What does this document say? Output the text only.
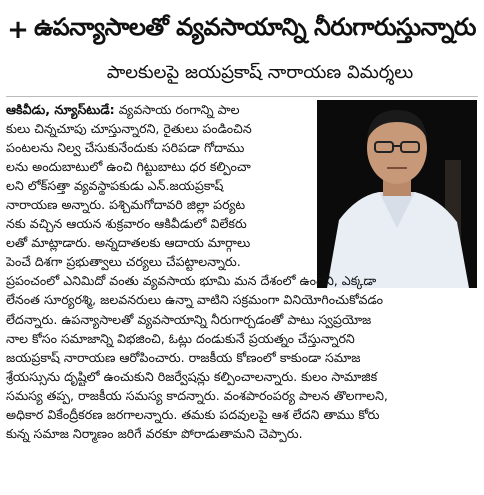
+ ఉపన్యాసాలతో వ్యవసాయాన్ని నీరుగారుస్తున్నారు
పాలకులపై జయప్రకాష్ నారాయణ విమర్శలు
ఆకివీడు, న్యూస్‌టుడే: వ్యవసాయ రంగాన్ని పాల
కులు చిన్నచూపు చూస్తున్నారని, రైతులు పండించిన
పంటలను నిల్వ చేసుకునేందుకు సరిపడా గోదాము
లను అందుబాటులో ఉంచి గిట్టుబాటు ధర కల్పించా
లని లోక్‌సత్తా వ్యవస్థాపకుడు ఎన్.జయప్రకాష్
నారాయణ అన్నారు. పశ్చిమగోదావరి జిల్లా పర్యట
నకు వచ్చిన ఆయన శుక్రవారం ఆకివీడులో విలేకరు
లతో మాట్లాడారు. అన్నదాతలకు ఆదాయ మార్గాలు
పెంచే దిశగా ప్రభుత్వాలు చర్యలు చేపట్టాలన్నారు.
ప్రపంచంలో ఎనిమిదో వంతు వ్యవసాయ భూమి మన దేశంలో ఉందని, ఎక్కడా
లేనంత సూర్యరశ్మి, జలవనరులు ఉన్నా వాటిని సక్రమంగా వినియోగించుకోవడం
లేదన్నారు. ఉపన్యాసాలతో వ్యవసాయాన్ని నీరుగార్చడంతో పాటు స్వప్రయోజ
నాల కోసం సమాజాన్ని విభజించి, ఓట్లు దండుకునే ప్రయత్నం చేస్తున్నారని
జయప్రకాష్ నారాయణ ఆరోపించారు. రాజకీయ కోణంలో కాకుండా సమాజ
శ్రేయస్సును దృష్టిలో ఉంచుకుని రిజర్వేషన్లు కల్పించాలన్నారు. కులం సామాజిక
సమస్య తప్ప, రాజకీయ సమస్య కాదన్నారు. వంశపారంపర్య పాలన తొలగాలని,
అధికార వికేంద్రీకరణ జరగాలన్నారు. తమకు పదవులపై ఆశ లేదని తాము కోరు
కున్న సమాజ నిర్మాణం జరిగే వరకూ పోరాడుతామని చెప్పారు.
